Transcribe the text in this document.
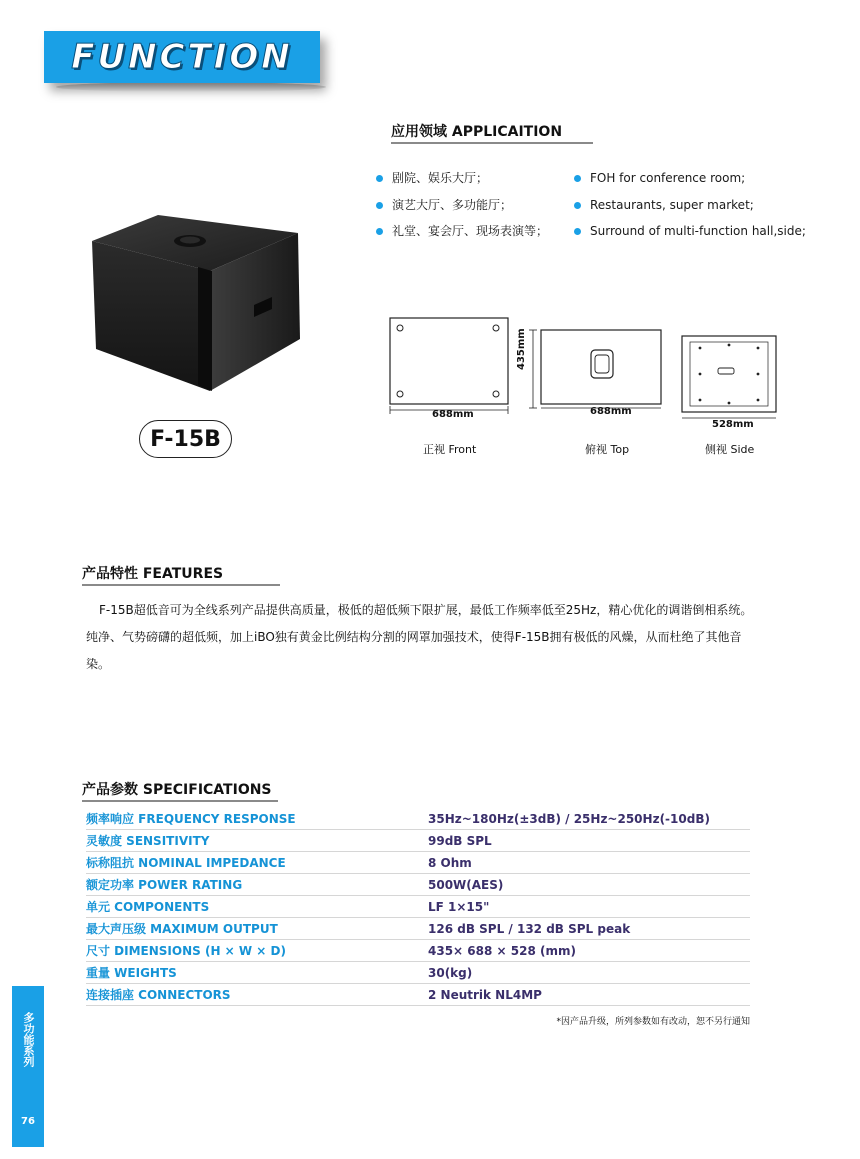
FUNCTION
应用领域 APPLICAITION
剧院、娱乐大厅；
演艺大厅、多功能厅；
礼堂、宴会厅、现场表演等；
FOH for conference room;
Restaurants, super market;
Surround of multi-function hall,side;
F-15B
688mm
正视 Front
435mm
688mm
俯视 Top
528mm
侧视 Side
产品特性 FEATURES
F-15B超低音可为全线系列产品提供高质量，极低的超低频下限扩展，最低工作频率低至25Hz，精心优化的调谐倒相系统。纯净、气势磅礴的超低频，加上iBO独有黄金比例结构分割的网罩加强技术，使得F-15B拥有极低的风燥，从而杜绝了其他音染。
产品参数 SPECIFICATIONS
频率响应 FREQUENCY RESPONSE	35Hz~180Hz(±3dB) / 25Hz~250Hz(-10dB)
灵敏度 SENSITIVITY	99dB SPL
标称阻抗 NOMINAL IMPEDANCE	8 Ohm
额定功率 POWER RATING	500W(AES)
单元 COMPONENTS	LF 1×15"
最大声压级 MAXIMUM OUTPUT	126 dB SPL / 132 dB SPL peak
尺寸 DIMENSIONS (H × W × D)	435× 688 × 528 (mm)
重量 WEIGHTS	30(kg)
连接插座 CONNECTORS	2 Neutrik NL4MP
*因产品升级，所列参数如有改动，恕不另行通知
多功能系列
76
